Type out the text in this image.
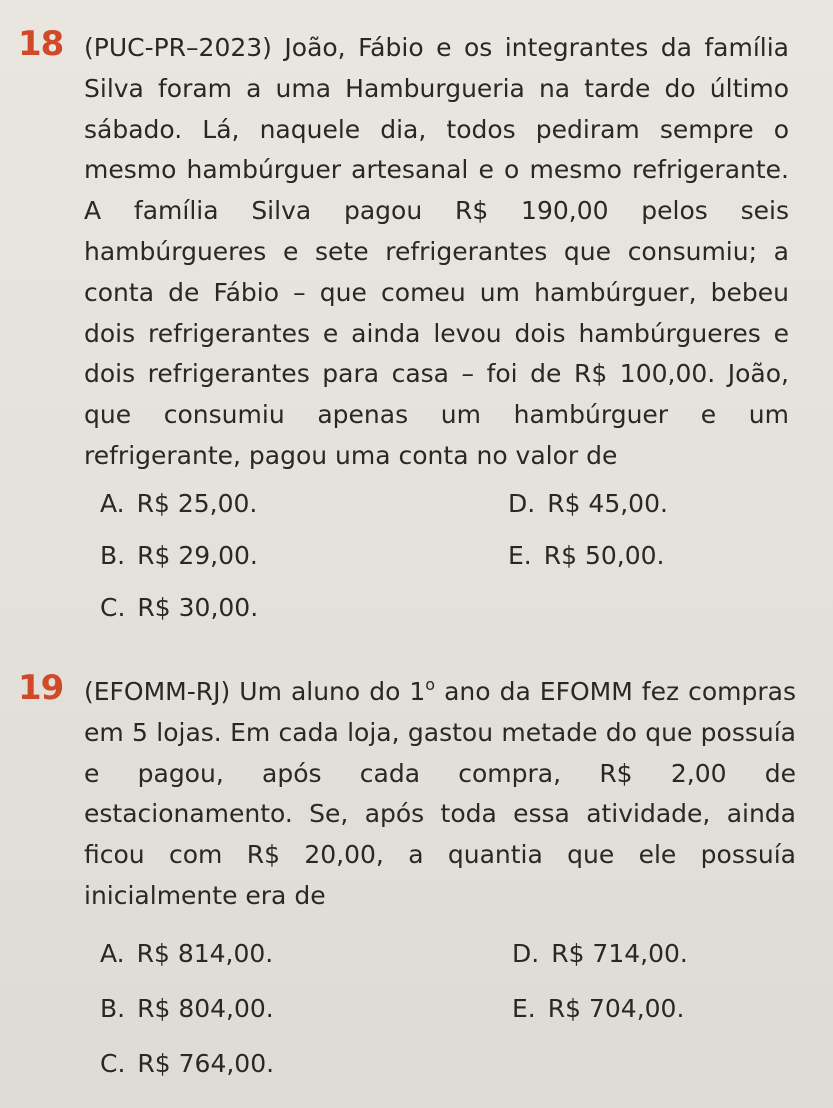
18 (PUC-PR–2023) João, Fábio e os integrantes da família Silva foram a uma Hamburgueria na tarde do último sábado. Lá, naquele dia, todos pediram sempre o mesmo hambúrguer artesanal e o mesmo refrigerante. A família Silva pagou R$ 190,00 pelos seis hambúrgueres e sete refrigerantes que consumiu; a conta de Fábio – que comeu um hambúrguer, bebeu dois refrigerantes e ainda levou dois hambúrgueres e dois refrigerantes para casa – foi de R$ 100,00. João, que consumiu apenas um hambúrguer e um refrigerante, pagou uma conta no valor de
A. R$ 25,00.
B. R$ 29,00.
C. R$ 30,00.
D. R$ 45,00.
E. R$ 50,00.
19 (EFOMM-RJ) Um aluno do 1$^o$ ano da EFOMM fez compras em 5 lojas. Em cada loja, gastou metade do que possuía e pagou, após cada compra, R$ 2,00 de estacionamento. Se, após toda essa atividade, ainda ficou com R$ 20,00, a quantia que ele possuía inicialmente era de
A. R$ 814,00.
B. R$ 804,00.
C. R$ 764,00.
D. R$ 714,00.
E. R$ 704,00.
